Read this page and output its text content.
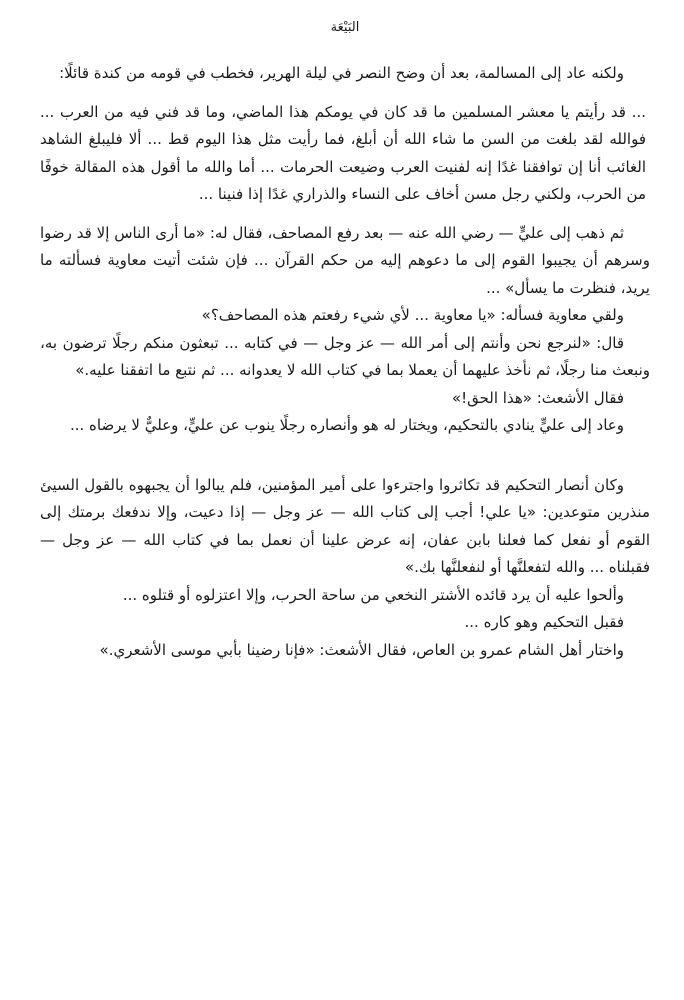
البَيْعَة

ولكنه عاد إلى المسالمة، بعد أن وضح النصر في ليلة الهرير، فخطب في قومه من كندة قائلًا:

... قد رأيتم يا معشر المسلمين ما قد كان في يومكم هذا الماضي، وما قد فني فيه من العرب ... فوالله لقد بلغت من السن ما شاء الله أن أبلغ، فما رأيت مثل هذا اليوم قط ... ألا فليبلغ الشاهد الغائب أنا إن توافقنا غدًا إنه لفنيت العرب وضيعت الحرمات ... أما والله ما أقول هذه المقالة خوفًا من الحرب، ولكني رجل مسن أخاف على النساء والذراري غدًا إذا فنينا ...

ثم ذهب إلى عليٍّ — رضي الله عنه — بعد رفع المصاحف، فقال له: «ما أرى الناس إلا قد رضوا وسرهم أن يجيبوا القوم إلى ما دعوهم إليه من حكم القرآن ... فإن شئت أتيت معاوية فسألته ما يريد، فنظرت ما يسأل» ...

ولقي معاوية فسأله: «يا معاوية ... لأي شيء رفعتم هذه المصاحف؟»

قال: «لنرجع نحن وأنتم إلى أمر الله — عز وجل — في كتابه ... تبعثون منكم رجلًا ترضون به، ونبعث منا رجلًا، ثم نأخذ عليهما أن يعملا بما في كتاب الله لا يعدوانه ... ثم نتبع ما اتفقنا عليه.»

فقال الأشعث: «هذا الحق!»

وعاد إلى عليٍّ ينادي بالتحكيم، ويختار له هو وأنصاره رجلًا ينوب عن عليٍّ، وعليٌّ لا يرضاه ...

وكان أنصار التحكيم قد تكاثروا واجترءوا على أمير المؤمنين، فلم يبالوا أن يجبهوه بالقول السيئ منذرين متوعدين: «يا علي! أجب إلى كتاب الله — عز وجل — إذا دعيت، وإلا ندفعك برمتك إلى القوم أو نفعل كما فعلنا بابن عفان، إنه عرض علينا أن نعمل بما في كتاب الله — عز وجل — فقبلناه ... والله لتفعلنَّها أو لنفعلنَّها بك.»

وألحوا عليه أن يرد قائده الأشتر النخعي من ساحة الحرب، وإلا اعتزلوه أو قتلوه ...

فقبل التحكيم وهو كاره ...

واختار أهل الشام عمرو بن العاص، فقال الأشعث: «فإنا رضينا بأبي موسى الأشعري.»
